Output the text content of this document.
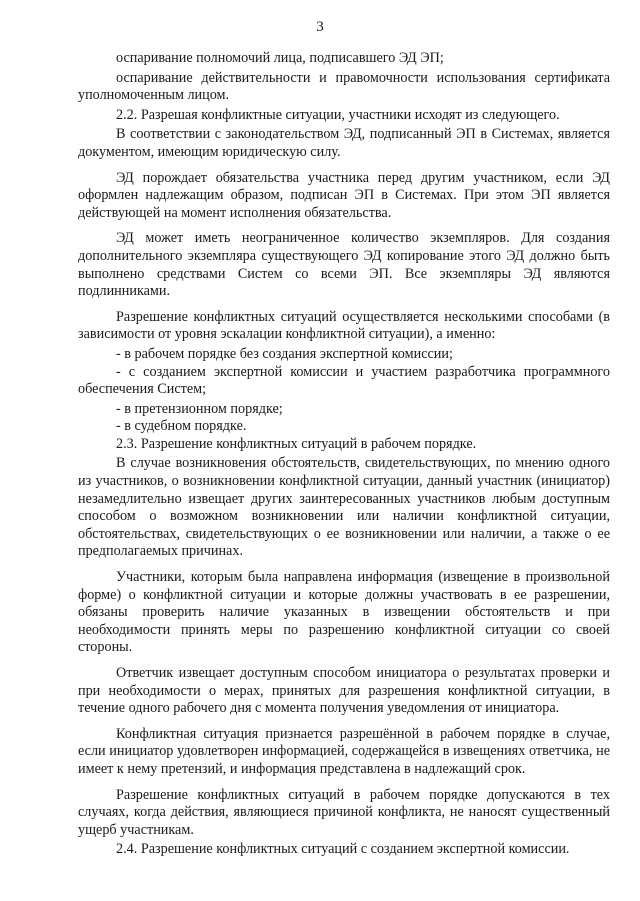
3

оспаривание полномочий лица, подписавшего ЭД ЭП;

оспаривание действительности и правомочности использования сертификата уполномоченным лицом.

2.2. Разрешая конфликтные ситуации, участники исходят из следующего.

В соответствии с законодательством ЭД, подписанный ЭП в Системах, является документом, имеющим юридическую силу.

ЭД порождает обязательства участника перед другим участником, если ЭД оформлен надлежащим образом, подписан ЭП в Системах. При этом ЭП является действующей на момент исполнения обязательства.

ЭД может иметь неограниченное количество экземпляров. Для создания дополнительного экземпляра существующего ЭД копирование этого ЭД должно быть выполнено средствами Систем со всеми ЭП. Все экземпляры ЭД являются подлинниками.

Разрешение конфликтных ситуаций осуществляется несколькими способами (в зависимости от уровня эскалации конфликтной ситуации), а именно:

- в рабочем порядке без создания экспертной комиссии;

- с созданием экспертной комиссии и участием разработчика программного обеспечения Систем;

- в претензионном порядке;

- в судебном порядке.

2.3. Разрешение конфликтных ситуаций в рабочем порядке.

В случае возникновения обстоятельств, свидетельствующих, по мнению одного из участников, о возникновении конфликтной ситуации, данный участник (инициатор) незамедлительно извещает других заинтересованных участников любым доступным способом о возможном возникновении или наличии конфликтной ситуации, обстоятельствах, свидетельствующих о ее возникновении или наличии, а также о ее предполагаемых причинах.

Участники, которым была направлена информация (извещение в произвольной форме) о конфликтной ситуации и которые должны участвовать в ее разрешении, обязаны проверить наличие указанных в извещении обстоятельств и при необходимости принять меры по разрешению конфликтной ситуации со своей стороны.

Ответчик извещает доступным способом инициатора о результатах проверки и при необходимости о мерах, принятых для разрешения конфликтной ситуации, в течение одного рабочего дня с момента получения уведомления от инициатора.

Конфликтная ситуация признается разрешённой в рабочем порядке в случае, если инициатор удовлетворен информацией, содержащейся в извещениях ответчика, не имеет к нему претензий, и информация представлена в надлежащий срок.

Разрешение конфликтных ситуаций в рабочем порядке допускаются в тех случаях, когда действия, являющиеся причиной конфликта, не наносят существенный ущерб участникам.

2.4. Разрешение конфликтных ситуаций с созданием экспертной комиссии.
